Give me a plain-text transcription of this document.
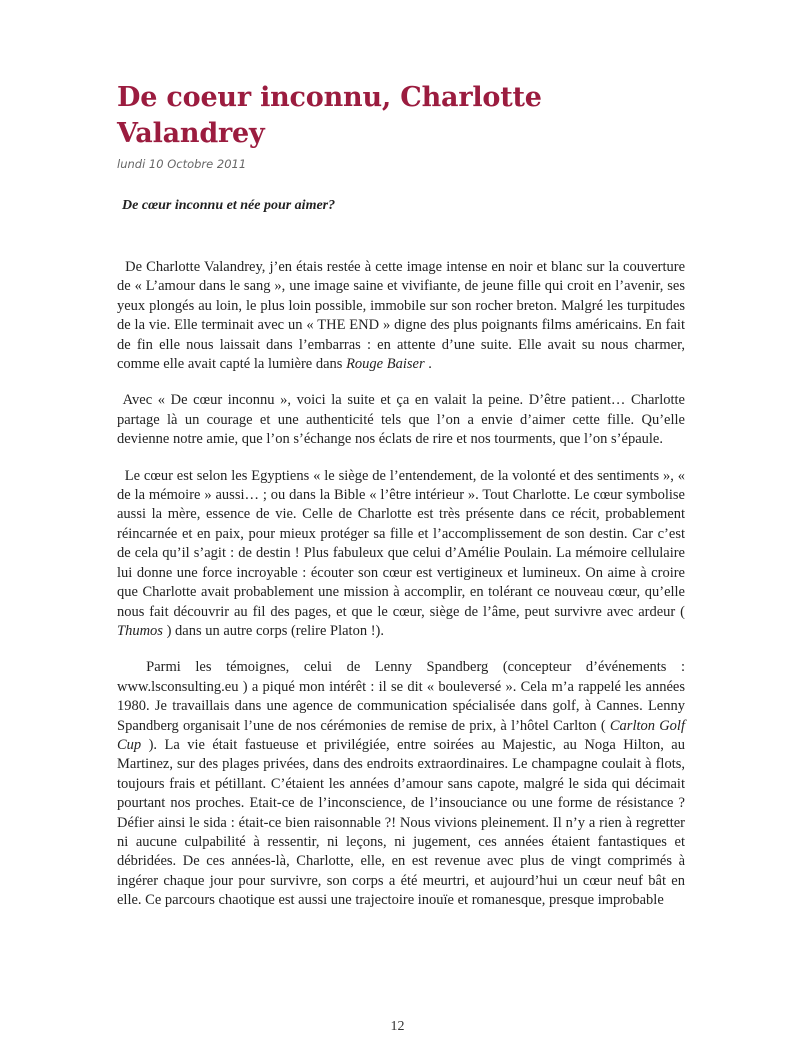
De coeur inconnu, Charlotte Valandrey
lundi 10 Octobre 2011
De cœur inconnu et née pour aimer?

De Charlotte Valandrey, j’en étais restée à cette image intense en noir et blanc sur la couverture de « L’amour dans le sang », une image saine et vivifiante, de jeune fille qui croit en l’avenir, ses yeux plongés au loin, le plus loin possible, immobile sur son rocher breton. Malgré les turpitudes de la vie. Elle terminait avec un « THE END » digne des plus poignants films américains. En fait de fin elle nous laissait dans l’embarras : en attente d’une suite. Elle avait su nous charmer, comme elle avait capté la lumière dans Rouge Baiser .

Avec « De cœur inconnu », voici la suite et ça en valait la peine. D’être patient… Charlotte partage là un courage et une authenticité tels que l’on a envie d’aimer cette fille. Qu’elle devienne notre amie, que l’on s’échange nos éclats de rire et nos tourments, que l’on s’épaule.

Le cœur est selon les Egyptiens « le siège de l’entendement, de la volonté et des sentiments », « de la mémoire » aussi… ; ou dans la Bible « l’être intérieur ». Tout Charlotte. Le cœur symbolise aussi la mère, essence de vie. Celle de Charlotte est très présente dans ce récit, probablement réincarnée et en paix, pour mieux protéger sa fille et l’accomplissement de son destin. Car c’est de cela qu’il s’agit : de destin ! Plus fabuleux que celui d’Amélie Poulain. La mémoire cellulaire lui donne une force incroyable : écouter son cœur est vertigineux et lumineux. On aime à croire que Charlotte avait probablement une mission à accomplir, en tolérant ce nouveau cœur, qu’elle nous fait découvrir au fil des pages, et que le cœur, siège de l’âme, peut survivre avec ardeur ( Thumos ) dans un autre corps (relire Platon !).

Parmi les témoignes, celui de Lenny Spandberg (concepteur d’événements : www.lsconsulting.eu ) a piqué mon intérêt : il se dit « bouleversé ». Cela m’a rappelé les années 1980. Je travaillais dans une agence de communication spécialisée dans golf, à Cannes. Lenny Spandberg organisait l’une de nos cérémonies de remise de prix, à l’hôtel Carlton ( Carlton Golf Cup ). La vie était fastueuse et privilégiée, entre soirées au Majestic, au Noga Hilton, au Martinez, sur des plages privées, dans des endroits extraordinaires. Le champagne coulait à flots, toujours frais et pétillant. C’étaient les années d’amour sans capote, malgré le sida qui décimait pourtant nos proches. Etait-ce de l’inconscience, de l’insouciance ou une forme de résistance ? Défier ainsi le sida : était-ce bien raisonnable ?! Nous vivions pleinement. Il n’y a rien à regretter ni aucune culpabilité à ressentir, ni leçons, ni jugement, ces années étaient fantastiques et débridées. De ces années-là, Charlotte, elle, en est revenue avec plus de vingt comprimés à ingérer chaque jour pour survivre, son corps a été meurtri, et aujourd’hui un cœur neuf bât en elle. Ce parcours chaotique est aussi une trajectoire inouïe et romanesque, presque improbable

12
